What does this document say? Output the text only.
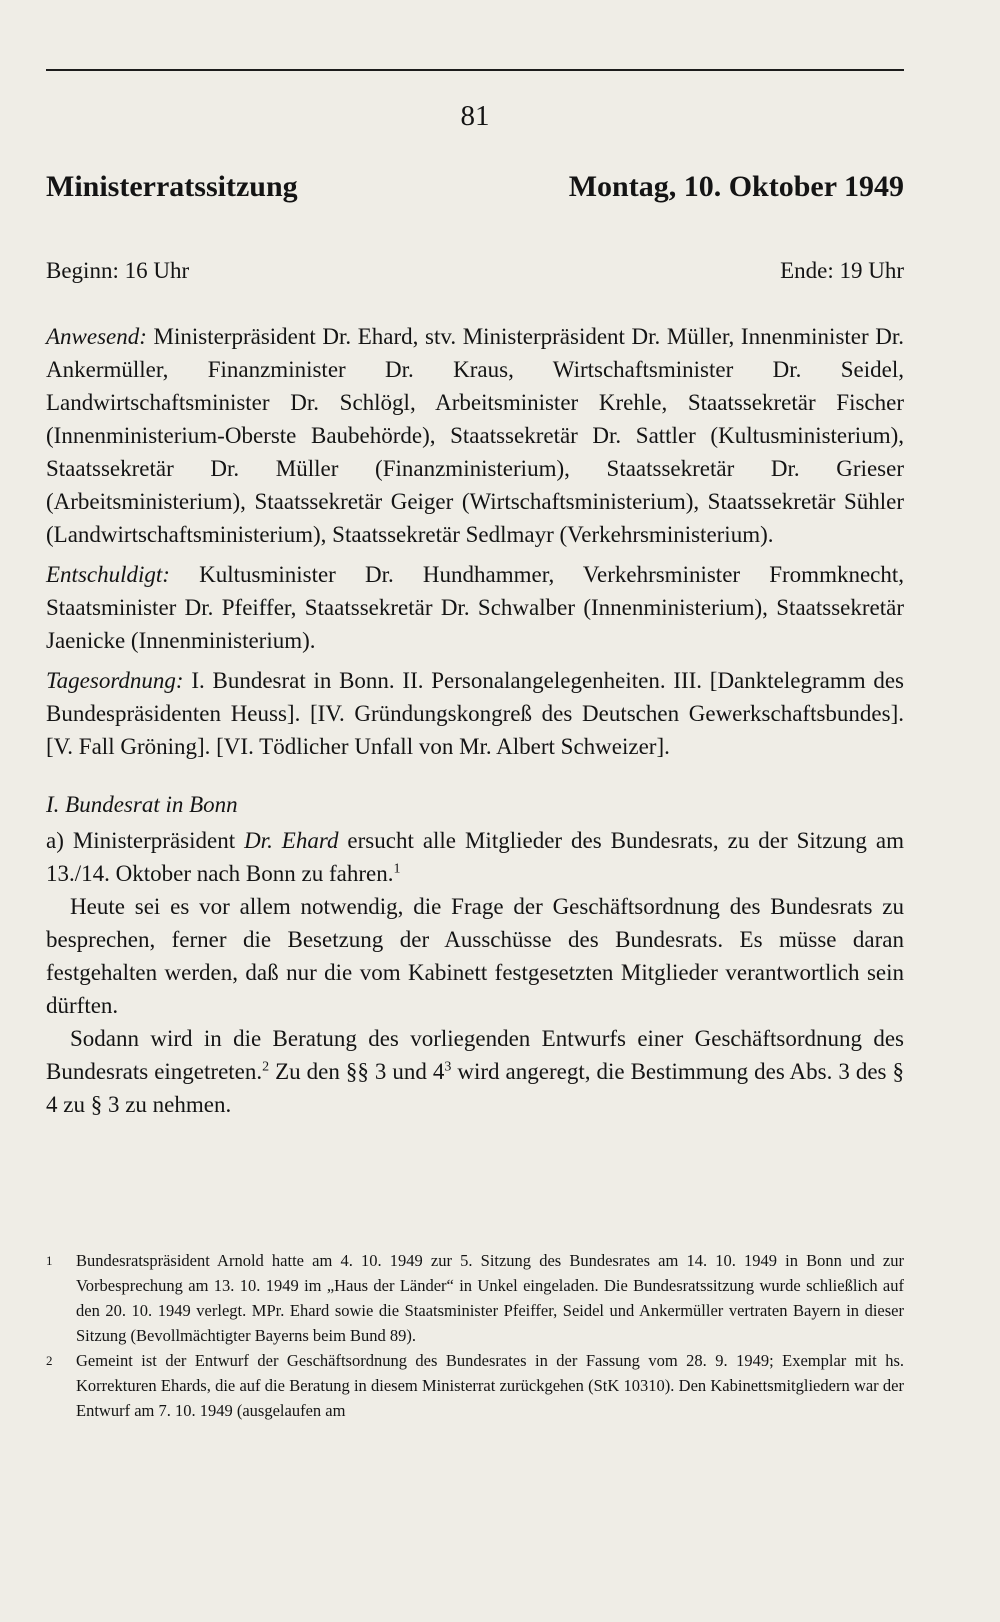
81
Ministerratssitzung	Montag, 10. Oktober 1949
Beginn: 16 Uhr	Ende: 19 Uhr

Anwesend: Ministerpräsident Dr. Ehard, stv. Ministerpräsident Dr. Müller, Innenminister Dr. Ankermüller, Finanzminister Dr. Kraus, Wirtschaftsminister Dr. Seidel, Landwirtschaftsminister Dr. Schlögl, Arbeitsminister Krehle, Staatssekretär Fischer (Innenministerium-Oberste Baubehörde), Staatssekretär Dr. Sattler (Kultusministerium), Staatssekretär Dr. Müller (Finanzministerium), Staatssekretär Dr. Grieser (Arbeitsministerium), Staatssekretär Geiger (Wirtschaftsministerium), Staatssekretär Sühler (Landwirtschaftsministerium), Staatssekretär Sedlmayr (Verkehrsministerium).

Entschuldigt: Kultusminister Dr. Hundhammer, Verkehrsminister Frommknecht, Staatsminister Dr. Pfeiffer, Staatssekretär Dr. Schwalber (Innenministerium), Staatssekretär Jaenicke (Innenministerium).

Tagesordnung: I. Bundesrat in Bonn. II. Personalangelegenheiten. III. [Danktelegramm des Bundespräsidenten Heuss]. [IV. Gründungskongreß des Deutschen Gewerkschaftsbundes]. [V. Fall Gröning]. [VI. Tödlicher Unfall von Mr. Albert Schweizer].

I. Bundesrat in Bonn

a) Ministerpräsident Dr. Ehard ersucht alle Mitglieder des Bundesrats, zu der Sitzung am 13./14. Oktober nach Bonn zu fahren.$^1$

Heute sei es vor allem notwendig, die Frage der Geschäftsordnung des Bundesrats zu besprechen, ferner die Besetzung der Ausschüsse des Bundesrats. Es müsse daran festgehalten werden, daß nur die vom Kabinett festgesetzten Mitglieder verantwortlich sein dürften.

Sodann wird in die Beratung des vorliegenden Entwurfs einer Geschäftsordnung des Bundesrats eingetreten.$^2$ Zu den §§ 3 und $4^3$ wird angeregt, die Bestimmung des Abs. 3 des § 4 zu § 3 zu nehmen.

1 Bundesratspräsident Arnold hatte am 4. 10. 1949 zur 5. Sitzung des Bundesrates am 14. 10. 1949 in Bonn und zur Vorbesprechung am 13. 10. 1949 im „Haus der Länder“ in Unkel eingeladen. Die Bundesratssitzung wurde schließlich auf den 20. 10. 1949 verlegt. MPr. Ehard sowie die Staatsminister Pfeiffer, Seidel und Ankermüller vertraten Bayern in dieser Sitzung (Bevollmächtigter Bayerns beim Bund 89).

2 Gemeint ist der Entwurf der Geschäftsordnung des Bundesrates in der Fassung vom 28. 9. 1949; Exemplar mit hs. Korrekturen Ehards, die auf die Beratung in diesem Ministerrat zurückgehen (StK 10310). Den Kabinettsmitgliedern war der Entwurf am 7. 10. 1949 (ausgelaufen am
